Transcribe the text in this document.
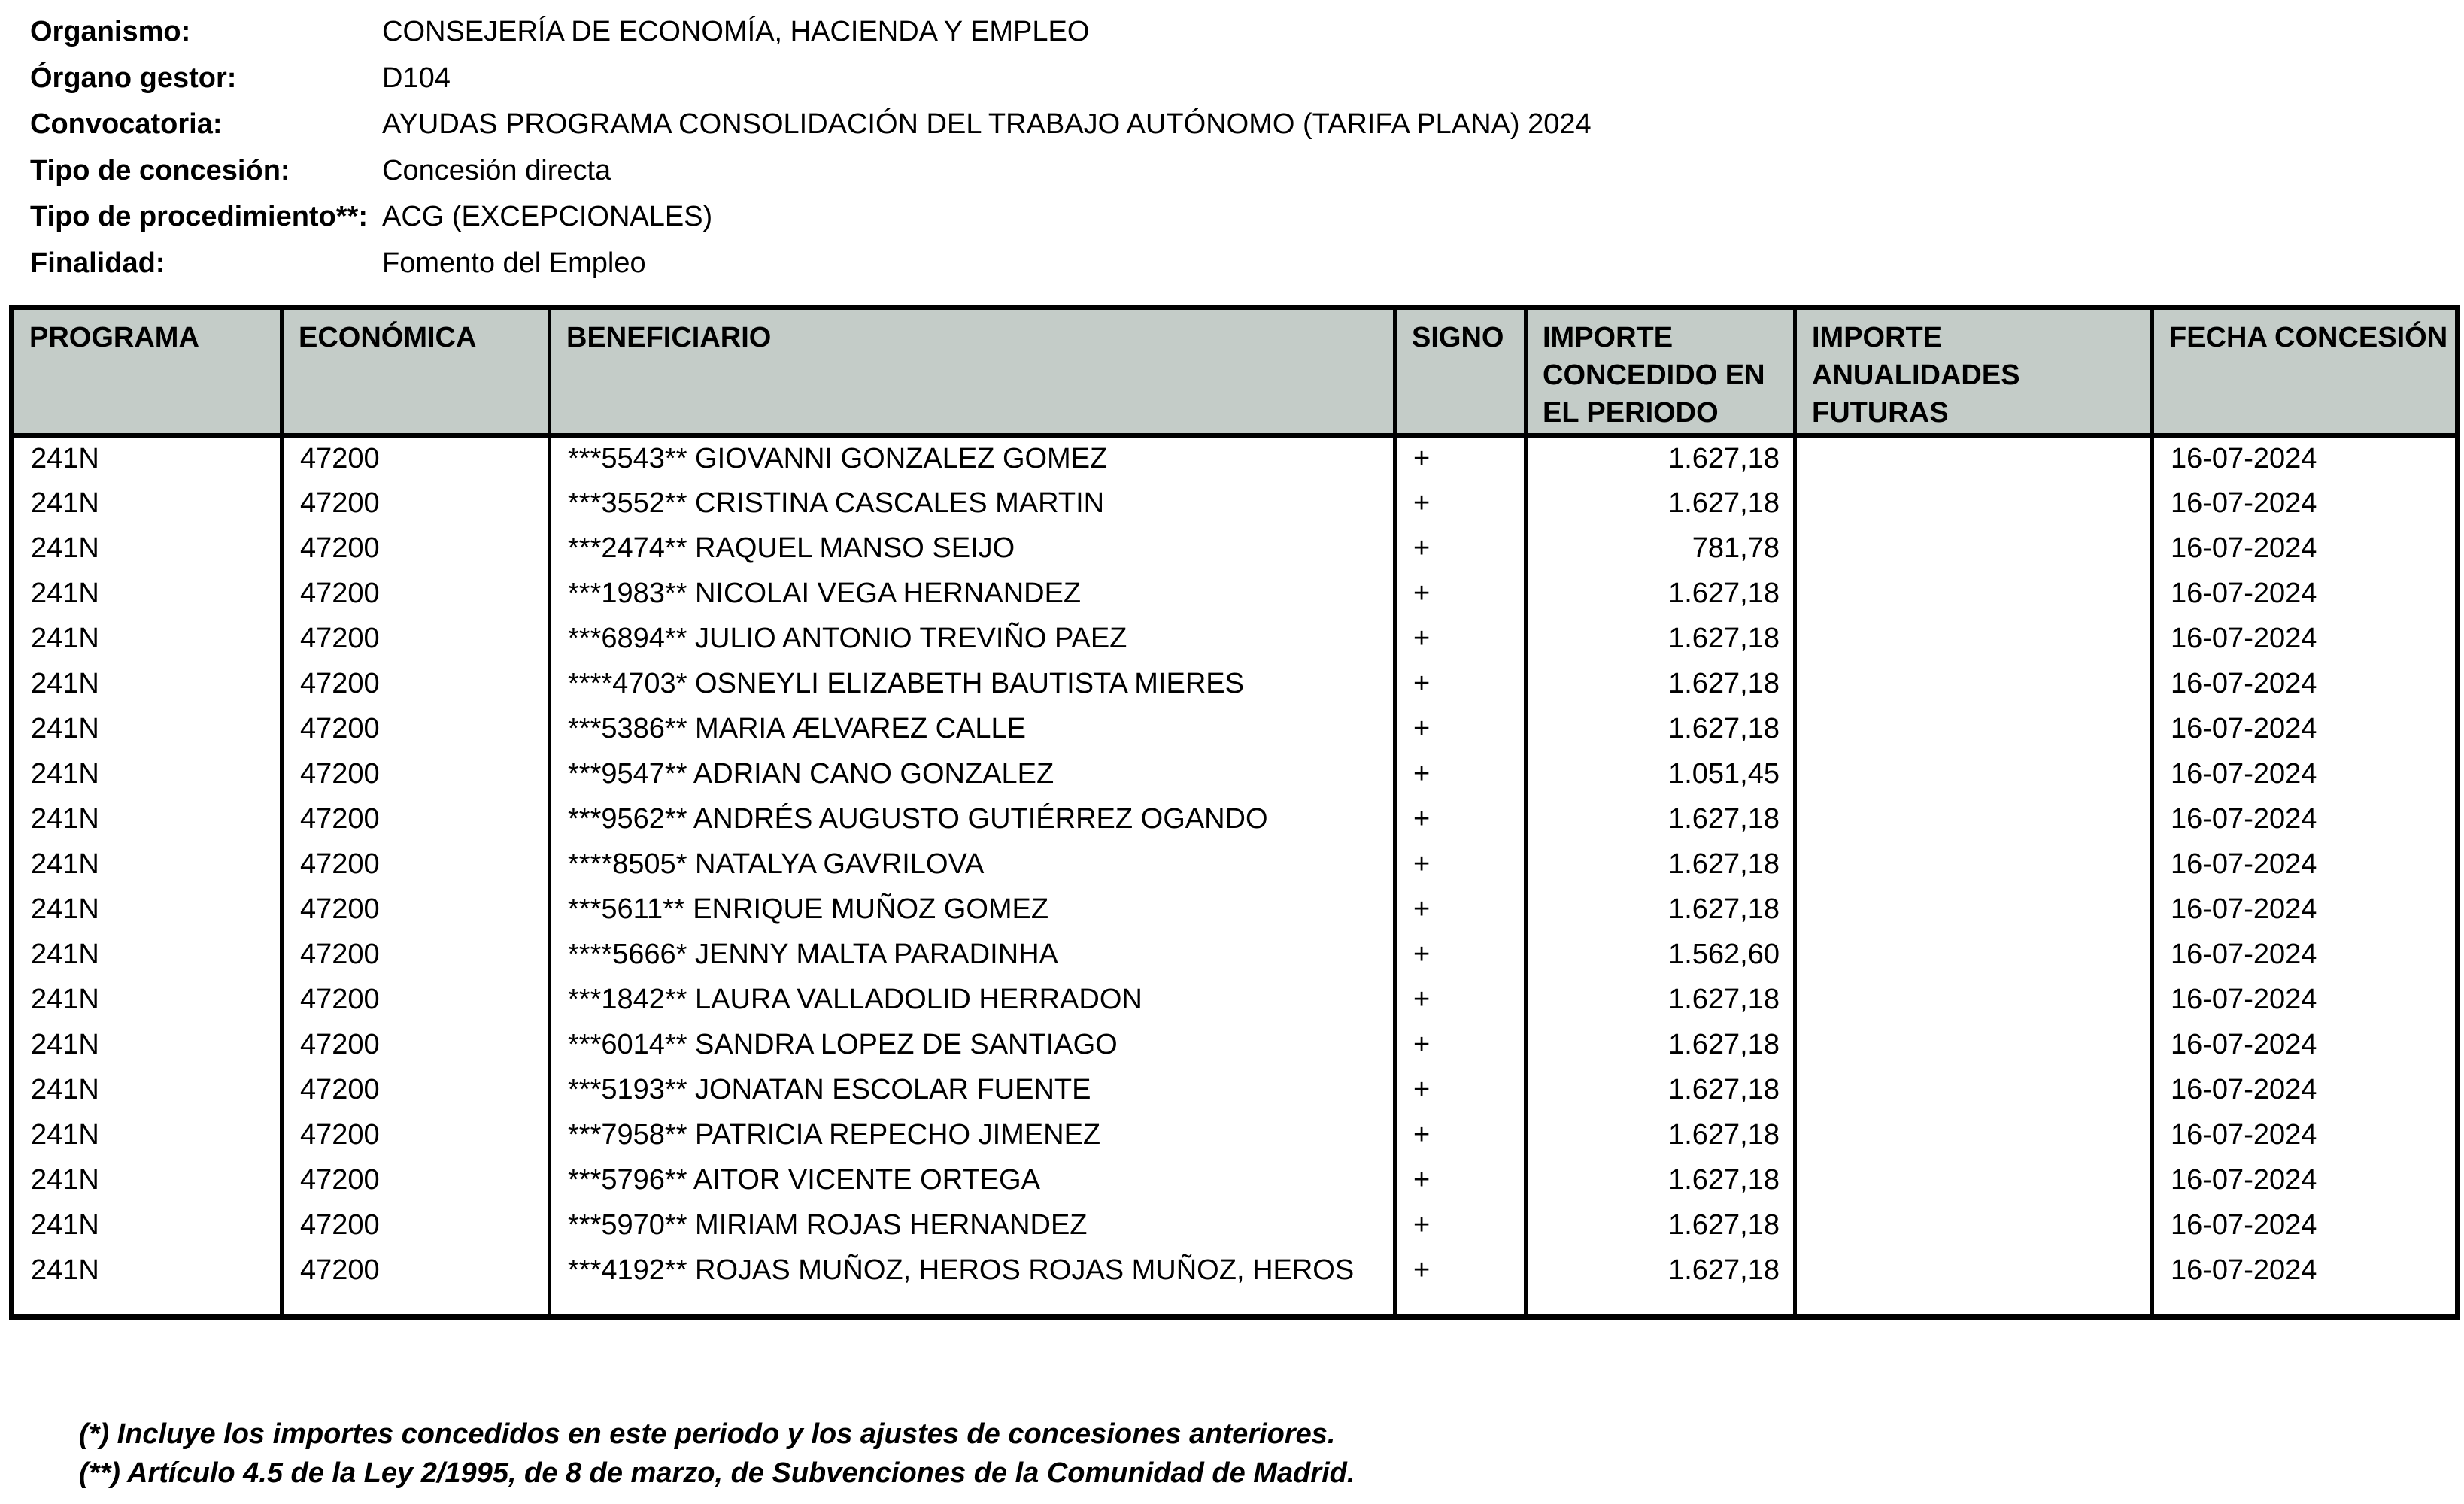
Organismo:	CONSEJERÍA DE ECONOMÍA, HACIENDA Y EMPLEO
Órgano gestor:	D104
Convocatoria:	AYUDAS PROGRAMA CONSOLIDACIÓN DEL TRABAJO AUTÓNOMO (TARIFA PLANA) 2024
Tipo de concesión:	Concesión directa
Tipo de procedimiento**: ACG (EXCEPCIONALES)
Finalidad:	Fomento del Empleo
PROGRAMA	ECONÓMICA	BENEFICIARIO	SIGNO	IMPORTE CONCEDIDO EN EL PERIODO	IMPORTE ANUALIDADES FUTURAS	FECHA CONCESIÓN
241N	47200	***5543** GIOVANNI GONZALEZ GOMEZ	+	1.627,18		16-07-2024
241N	47200	***3552** CRISTINA CASCALES MARTIN	+	1.627,18		16-07-2024
241N	47200	***2474** RAQUEL MANSO SEIJO	+	781,78		16-07-2024
241N	47200	***1983** NICOLAI VEGA HERNANDEZ	+	1.627,18		16-07-2024
241N	47200	***6894** JULIO ANTONIO TREVIÑO PAEZ	+	1.627,18		16-07-2024
241N	47200	****4703* OSNEYLI ELIZABETH BAUTISTA MIERES	+	1.627,18		16-07-2024
241N	47200	***5386** MARIA ÆLVAREZ CALLE	+	1.627,18		16-07-2024
241N	47200	***9547** ADRIAN CANO GONZALEZ	+	1.051,45		16-07-2024
241N	47200	***9562** ANDRÉS AUGUSTO GUTIÉRREZ OGANDO	+	1.627,18		16-07-2024
241N	47200	****8505* NATALYA GAVRILOVA	+	1.627,18		16-07-2024
241N	47200	***5611** ENRIQUE MUÑOZ GOMEZ	+	1.627,18		16-07-2024
241N	47200	****5666* JENNY MALTA PARADINHA	+	1.562,60		16-07-2024
241N	47200	***1842** LAURA VALLADOLID HERRADON	+	1.627,18		16-07-2024
241N	47200	***6014** SANDRA LOPEZ DE SANTIAGO	+	1.627,18		16-07-2024
241N	47200	***5193** JONATAN ESCOLAR FUENTE	+	1.627,18		16-07-2024
241N	47200	***7958** PATRICIA REPECHO JIMENEZ	+	1.627,18		16-07-2024
241N	47200	***5796** AITOR VICENTE ORTEGA	+	1.627,18		16-07-2024
241N	47200	***5970** MIRIAM ROJAS HERNANDEZ	+	1.627,18		16-07-2024
241N	47200	***4192** ROJAS MUÑOZ, HEROS ROJAS MUÑOZ, HEROS	+	1.627,18		16-07-2024

(*) Incluye los importes concedidos en este periodo y los ajustes de concesiones anteriores.
(**) Artículo 4.5 de la Ley 2/1995, de 8 de marzo, de Subvenciones de la Comunidad de Madrid.
